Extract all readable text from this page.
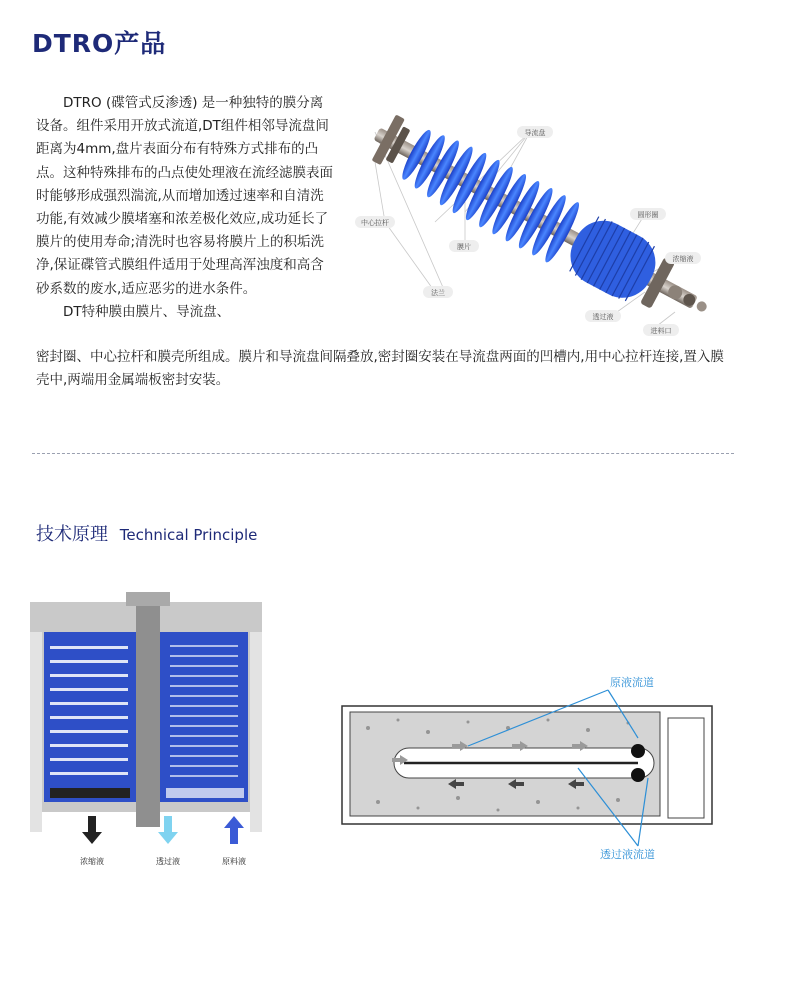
DTRO产品

DTRO (碟管式反渗透) 是一种独特的膜分离设备。组件采用开放式流道,DT组件相邻导流盘间距离为4mm,盘片表面分布有特殊方式排布的凸点。这种特殊排布的凸点使处理液在流经滤膜表面时能够形成强烈湍流,从而增加透过速率和自清洗功能,有效减少膜堵塞和浓差极化效应,成功延长了膜片的使用寿命;清洗时也容易将膜片上的积垢洗净,保证碟管式膜组件适用于处理高浑浊度和高含砂系数的废水,适应恶劣的进水条件。

DT特种膜由膜片、导流盘、

密封圈、中心拉杆和膜壳所组成。膜片和导流盘间隔叠放,密封圈安装在导流盘两面的凹槽内,用中心拉杆连接,置入膜壳中,两端用金属端板密封安装。

导流盘
中心拉杆
膜片
法兰
圆形圈
浓缩液
透过液
进料口
技术原理 Technical Principle
浓缩液	透过液	原料液
原液流道
透过液流道
